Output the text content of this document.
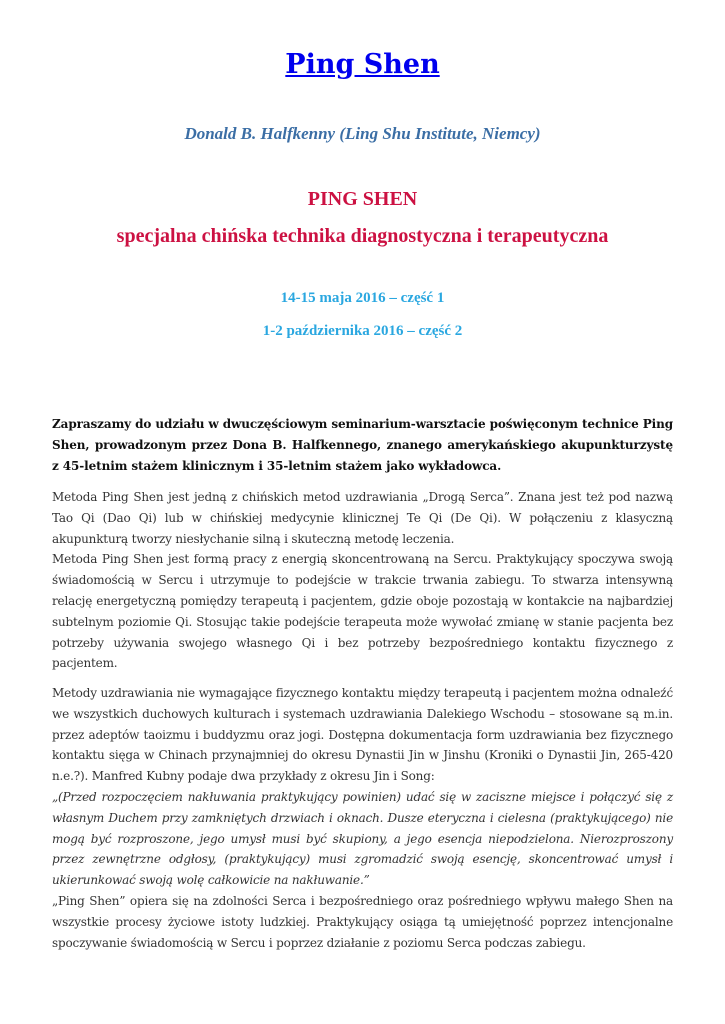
Ping Shen

Donald B. Halfkenny (Ling Shu Institute, Niemcy)

PING SHEN
specjalna chińska technika diagnostyczna i terapeutyczna

14-15 maja 2016 – część 1

1-2 października 2016 – część 2

Zapraszamy do udziału w dwuczęściowym seminarium-warsztacie poświęconym technice Ping Shen, prowadzonym przez Dona B. Halfkennego, znanego amerykańskiego akupunkturzystę z 45-letnim stażem klinicznym i 35-letnim stażem jako wykładowca.

Metoda Ping Shen jest jedną z chińskich metod uzdrawiania „Drogą Serca”. Znana jest też pod nazwą Tao Qi (Dao Qi) lub w chińskiej medycynie klinicznej Te Qi (De Qi). W połączeniu z klasyczną akupunkturą tworzy niesłychanie silną i skuteczną metodę leczenia.
Metoda Ping Shen jest formą pracy z energią skoncentrowaną na Sercu. Praktykujący spoczywa swoją świadomością w Sercu i utrzymuje to podejście w trakcie trwania zabiegu. To stwarza intensywną relację energetyczną pomiędzy terapeutą i pacjentem, gdzie oboje pozostają w kontakcie na najbardziej subtelnym poziomie Qi. Stosując takie podejście terapeuta może wywołać zmianę w stanie pacjenta bez potrzeby używania swojego własnego Qi i bez potrzeby bezpośredniego kontaktu fizycznego z pacjentem.
Metody uzdrawiania nie wymagające fizycznego kontaktu między terapeutą i pacjentem można odnaleźć we wszystkich duchowych kulturach i systemach uzdrawiania Dalekiego Wschodu – stosowane są m.in. przez adeptów taoizmu i buddyzmu oraz jogi. Dostępna dokumentacja form uzdrawiania bez fizycznego kontaktu sięga w Chinach przynajmniej do okresu Dynastii Jin w Jinshu (Kroniki o Dynastii Jin, 265-420 n.e.?). Manfred Kubny podaje dwa przykłady z okresu Jin i Song:
„(Przed rozpoczęciem nakłuwania praktykujący powinien) udać się w zaciszne miejsce i połączyć się z własnym Duchem przy zamkniętych drzwiach i oknach. Dusze eteryczna i cielesna (praktykującego) nie mogą być rozproszone, jego umysł musi być skupiony, a jego esencja niepodzielona. Nierozproszony przez zewnętrzne odgłosy, (praktykujący) musi zgromadzić swoją esencję, skoncentrować umysł i ukierunkować swoją wolę całkowicie na nakłuwanie.”
„Ping Shen” opiera się na zdolności Serca i bezpośredniego oraz pośredniego wpływu małego Shen na wszystkie procesy życiowe istoty ludzkiej. Praktykujący osiąga tą umiejętność poprzez intencjonalne spoczywanie świadomością w Sercu i poprzez działanie z poziomu Serca podczas zabiegu.
